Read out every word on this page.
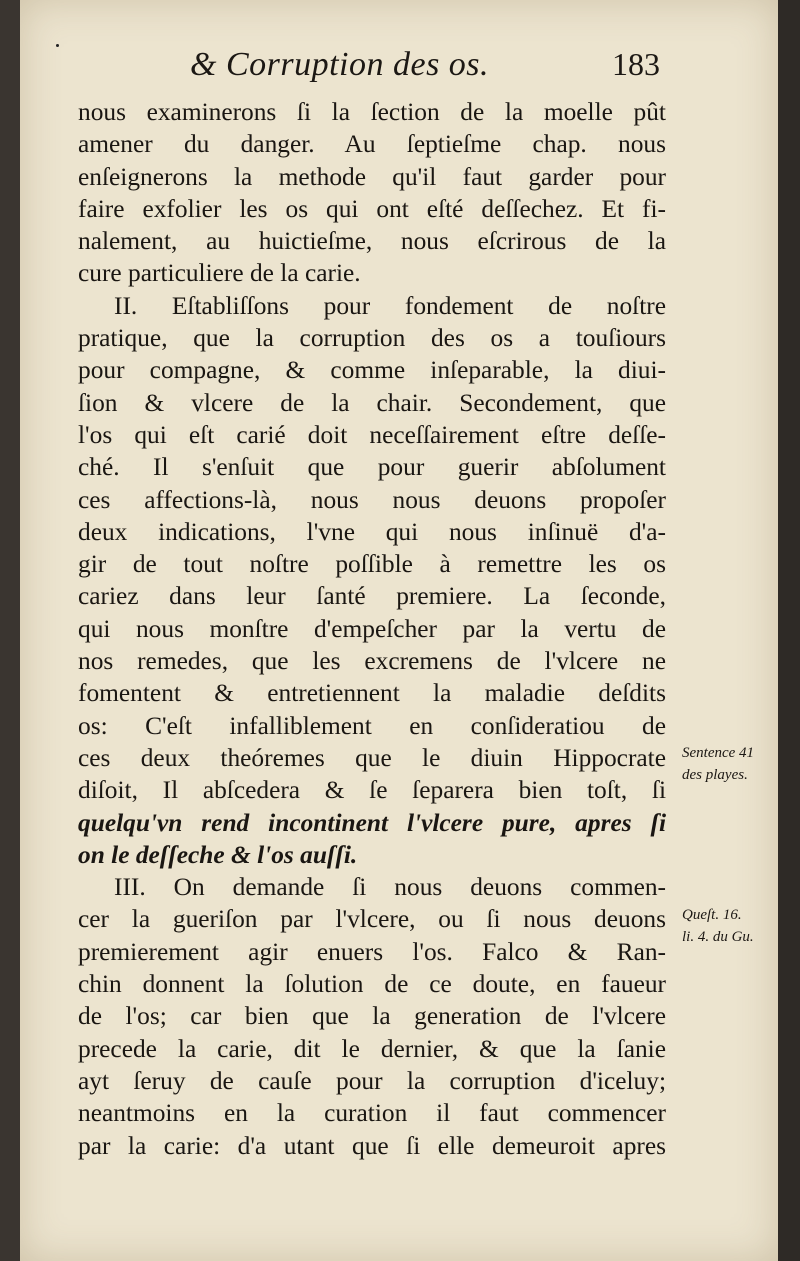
& Corruption des os.	183
nous examinerons ſi la ſection de la moelle pût
amener du danger. Au ſeptieſme chap. nous
enſeignerons la methode qu'il faut garder pour
faire exfolier les os qui ont eſté deſſechez. Et fi-
nalement, au huictieſme, nous eſcrirous de la
cure particuliere de la carie.
II. Eſtabliſſons pour fondement de noſtre
pratique, que la corruption des os a touſiours
pour compagne, & comme inſeparable, la diui-
ſion & vlcere de la chair. Secondement, que
l'os qui eſt carié doit neceſſairement eſtre deſſe-
ché. Il s'enſuit que pour guerir abſolument
ces affections-là, nous nous deuons propoſer
deux indications, l'vne qui nous inſinuë d'a-
gir de tout noſtre poſſible à remettre les os
cariez dans leur ſanté premiere. La ſeconde,
qui nous monſtre d'empeſcher par la vertu de
nos remedes, que les excremens de l'vlcere ne
fomentent & entretiennent la maladie deſdits
os: C'eſt infalliblement en conſideratiou de
ces deux theóremes que le diuin Hippocrate
diſoit, Il abſcedera & ſe ſeparera bien toſt, ſi
quelqu'vn rend incontinent l'vlcere pure, apres ſi
on le deſſeche & l'os auſſi.
III. On demande ſi nous deuons commen-
cer la gueriſon par l'vlcere, ou ſi nous deuons
premierement agir enuers l'os. Falco & Ran-
chin donnent la ſolution de ce doute, en faueur
de l'os; car bien que la generation de l'vlcere
precede la carie, dit le dernier, & que la ſanie
ayt ſeruy de cauſe pour la corruption d'iceluy;
neantmoins en la curation il faut commencer
par la carie: d'a utant que ſi elle demeuroit apres
Sentence 41
des playes.
Queſt. 16.
li. 4. du Gu.
